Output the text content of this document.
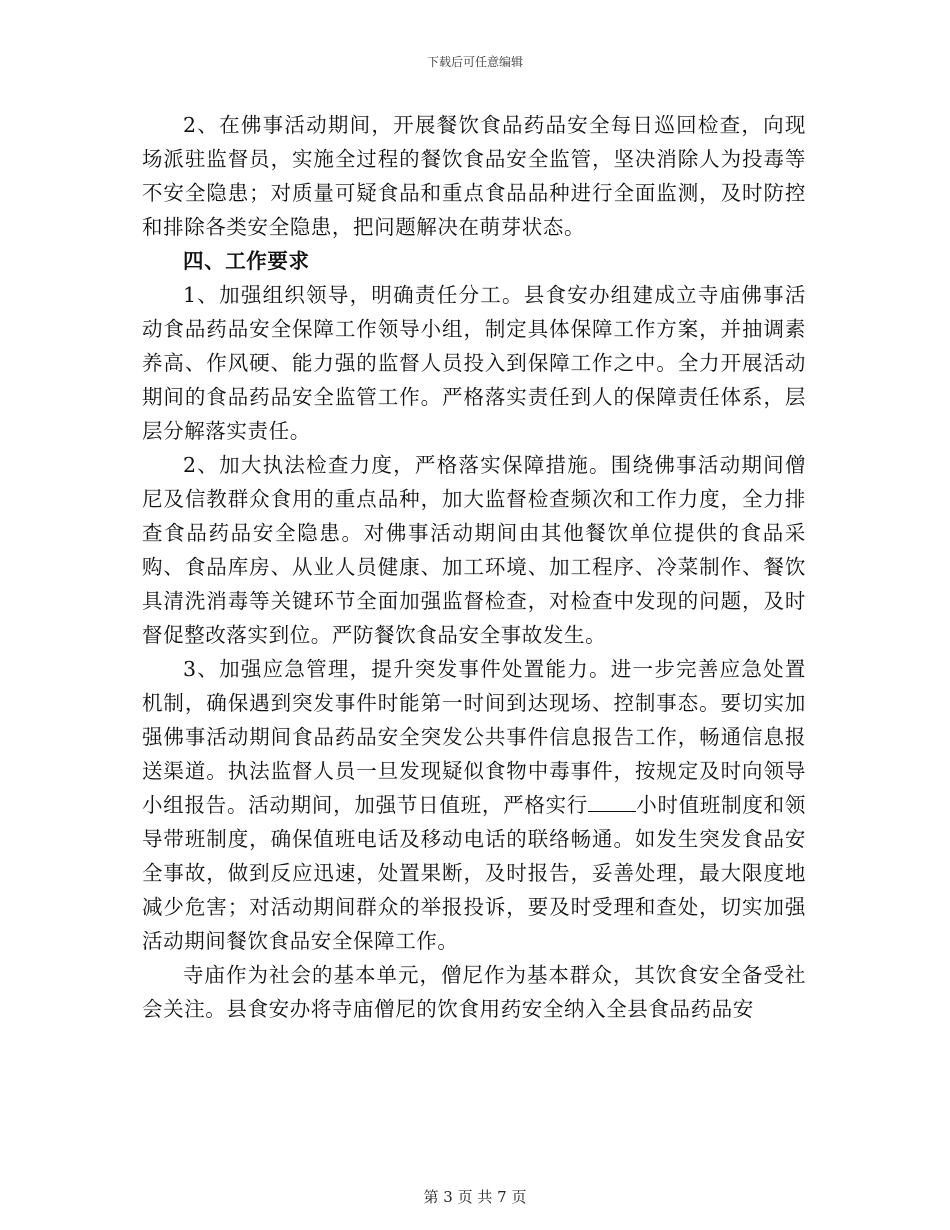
下载后可任意编辑

2、在佛事活动期间，开展餐饮食品药品安全每日巡回检查，向现场派驻监督员，实施全过程的餐饮食品安全监管，坚决消除人为投毒等不安全隐患；对质量可疑食品和重点食品品种进行全面监测，及时防控和排除各类安全隐患，把问题解决在萌芽状态。

四、工作要求

1、加强组织领导，明确责任分工。县食安办组建成立寺庙佛事活动食品药品安全保障工作领导小组，制定具体保障工作方案，并抽调素养高、作风硬、能力强的监督人员投入到保障工作之中。全力开展活动期间的食品药品安全监管工作。严格落实责任到人的保障责任体系，层层分解落实责任。

2、加大执法检查力度，严格落实保障措施。围绕佛事活动期间僧尼及信教群众食用的重点品种，加大监督检查频次和工作力度，全力排查食品药品安全隐患。对佛事活动期间由其他餐饮单位提供的食品采购、食品库房、从业人员健康、加工环境、加工程序、冷菜制作、餐饮具清洗消毒等关键环节全面加强监督检查，对检查中发现的问题，及时督促整改落实到位。严防餐饮食品安全事故发生。

3、加强应急管理，提升突发事件处置能力。进一步完善应急处置机制，确保遇到突发事件时能第一时间到达现场、控制事态。要切实加强佛事活动期间食品药品安全突发公共事件信息报告工作，畅通信息报送渠道。执法监督人员一旦发现疑似食物中毒事件，按规定及时向领导小组报告。活动期间，加强节日值班，严格实行 小时值班制度和领导带班制度，确保值班电话及移动电话的联络畅通。如发生突发食品安全事故，做到反应迅速，处置果断，及时报告，妥善处理，最大限度地减少危害；对活动期间群众的举报投诉，要及时受理和查处，切实加强活动期间餐饮食品安全保障工作。

寺庙作为社会的基本单元，僧尼作为基本群众，其饮食安全备受社会关注。县食安办将寺庙僧尼的饮食用药安全纳入全县食品药品安

第 3 页 共 7 页
